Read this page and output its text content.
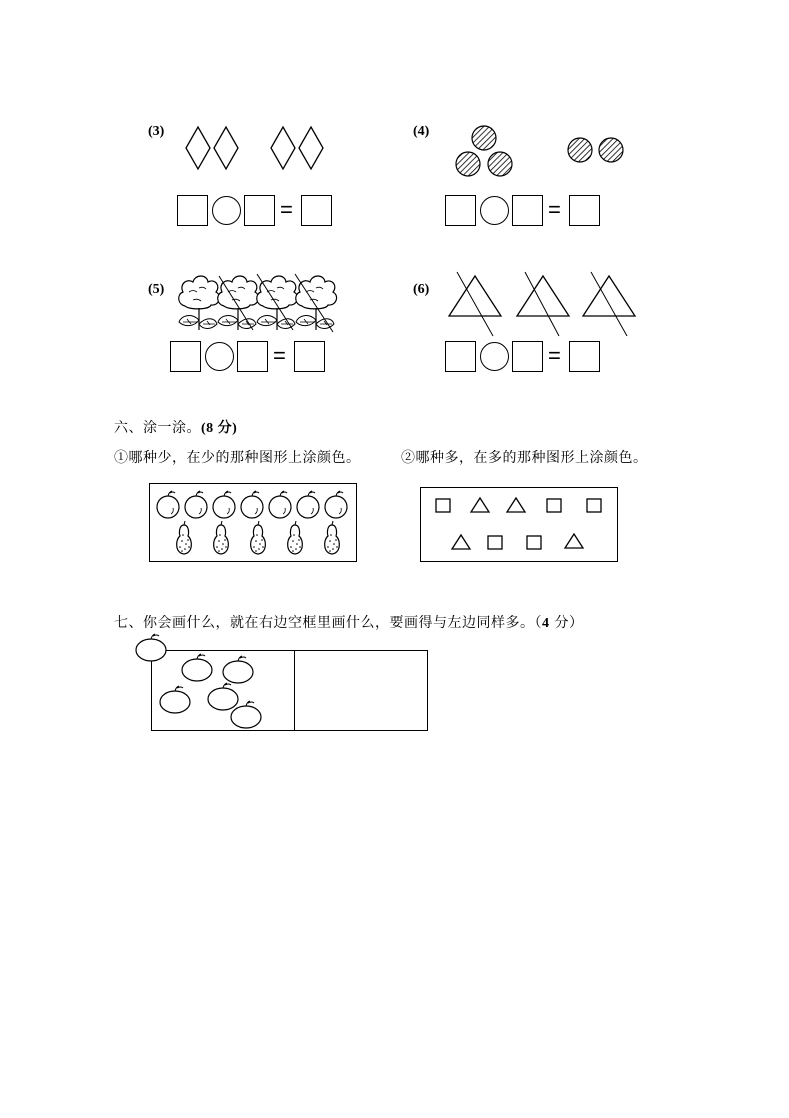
(3)
=
(4)
=
(5)
=
(6)
=
六、涂一涂。(8 分)
①哪种少，在少的那种图形上涂颜色。	②哪种多，在多的那种图形上涂颜色。
七、你会画什么，就在右边空框里画什么，要画得与左边同样多。（4 分）
